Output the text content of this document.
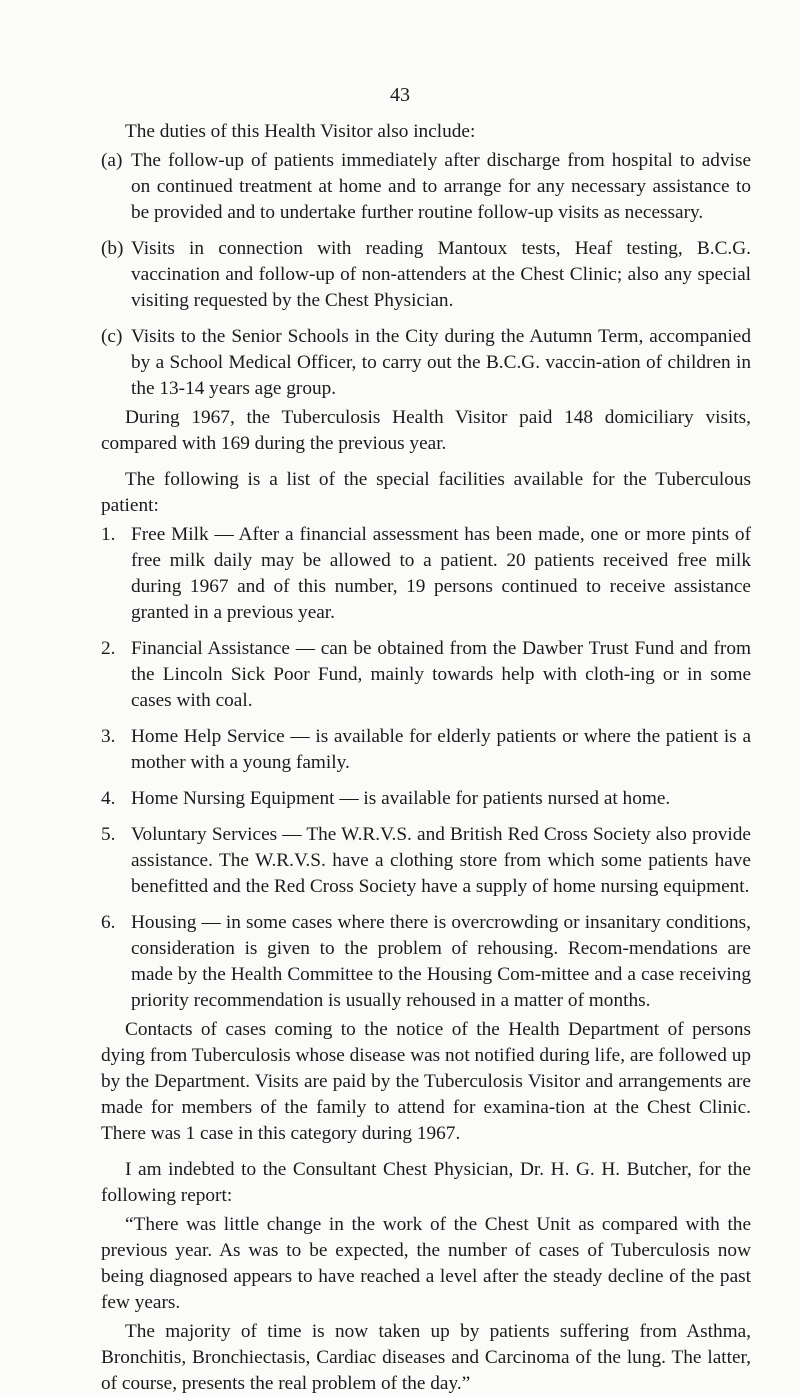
43

The duties of this Health Visitor also include:

(a) The follow-up of patients immediately after discharge from hospital to advise on continued treatment at home and to arrange for any necessary assistance to be provided and to undertake further routine follow-up visits as necessary.
(b) Visits in connection with reading Mantoux tests, Heaf testing, B.C.G. vaccination and follow-up of non-attenders at the Chest Clinic; also any special visiting requested by the Chest Physician.
(c) Visits to the Senior Schools in the City during the Autumn Term, accompanied by a School Medical Officer, to carry out the B.C.G. vaccin-ation of children in the 13-14 years age group.

During 1967, the Tuberculosis Health Visitor paid 148 domiciliary visits, compared with 169 during the previous year.

The following is a list of the special facilities available for the Tuberculous patient:

1. Free Milk — After a financial assessment has been made, one or more pints of free milk daily may be allowed to a patient. 20 patients received free milk during 1967 and of this number, 19 persons continued to receive assistance granted in a previous year.
2. Financial Assistance — can be obtained from the Dawber Trust Fund and from the Lincoln Sick Poor Fund, mainly towards help with cloth-ing or in some cases with coal.
3. Home Help Service — is available for elderly patients or where the patient is a mother with a young family.
4. Home Nursing Equipment — is available for patients nursed at home.
5. Voluntary Services — The W.R.V.S. and British Red Cross Society also provide assistance. The W.R.V.S. have a clothing store from which some patients have benefitted and the Red Cross Society have a supply of home nursing equipment.
6. Housing — in some cases where there is overcrowding or insanitary conditions, consideration is given to the problem of rehousing. Recom-mendations are made by the Health Committee to the Housing Com-mittee and a case receiving priority recommendation is usually rehoused in a matter of months.

Contacts of cases coming to the notice of the Health Department of persons dying from Tuberculosis whose disease was not notified during life, are followed up by the Department. Visits are paid by the Tuberculosis Visitor and arrangements are made for members of the family to attend for examina-tion at the Chest Clinic. There was 1 case in this category during 1967.

I am indebted to the Consultant Chest Physician, Dr. H. G. H. Butcher, for the following report:

“There was little change in the work of the Chest Unit as compared with the previous year. As was to be expected, the number of cases of Tuberculosis now being diagnosed appears to have reached a level after the steady decline of the past few years.

The majority of time is now taken up by patients suffering from Asthma, Bronchitis, Bronchiectasis, Cardiac diseases and Carcinoma of the lung. The latter, of course, presents the real problem of the day.”
